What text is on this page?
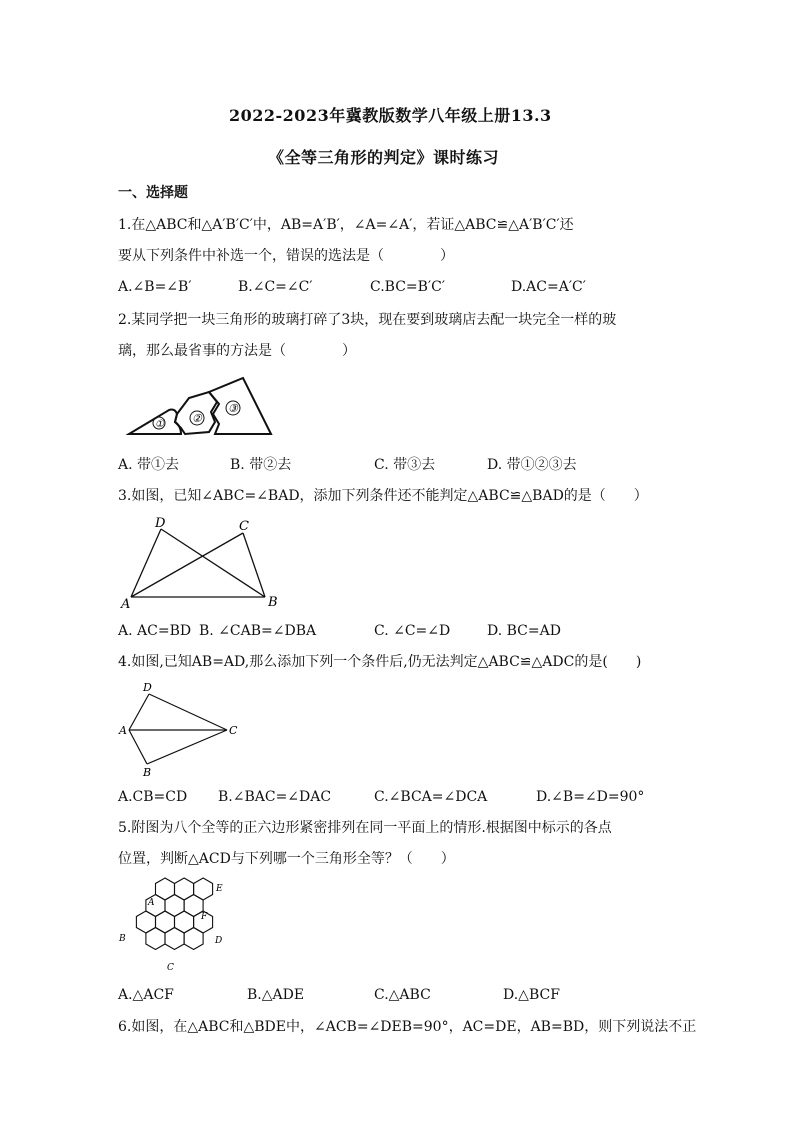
2022-2023年冀教版数学八年级上册13.3
《全等三角形的判定》课时练习
一、选择题
1.在△ABC和△A′B′C′中，AB=A′B′，∠A=∠A′，若证△ABC≌△A′B′C′还
要从下列条件中补选一个，错误的选法是（　　　　）
A.∠B=∠B′	B.∠C=∠C′	C.BC=B′C′	D.AC=A′C′
2.某同学把一块三角形的玻璃打碎了3块，现在要到玻璃店去配一块完全一样的玻
璃，那么最省事的方法是（　　　　）
①	②
③
A. 带①去	B. 带②去	C. 带③去	D. 带①②③去
3.如图，已知∠ABC=∠BAD，添加下列条件还不能判定△ABC≌△BAD的是（　　）
D	C
A	B
A. AC=BD B. ∠CAB=∠DBA	C. ∠C=∠D	D. BC=AD
4.如图,已知AB=AD,那么添加下列一个条件后,仍无法判定△ABC≌△ADC的是(　　)
D
A	C
B
A.CB=CD B.∠BAC=∠DAC	C.∠BCA=∠DCA	D.∠B=∠D=90°
5.附图为八个全等的正六边形紧密排列在同一平面上的情形.根据图中标示的各点
位置，判断△ACD与下列哪一个三角形全等？（　　）
E
A
F
B	D
C
A.△ACF	B.△ADE	C.△ABC	D.△BCF
6.如图，在△ABC和△BDE中，∠ACB=∠DEB=90°，AC=DE，AB=BD，则下列说法不正
